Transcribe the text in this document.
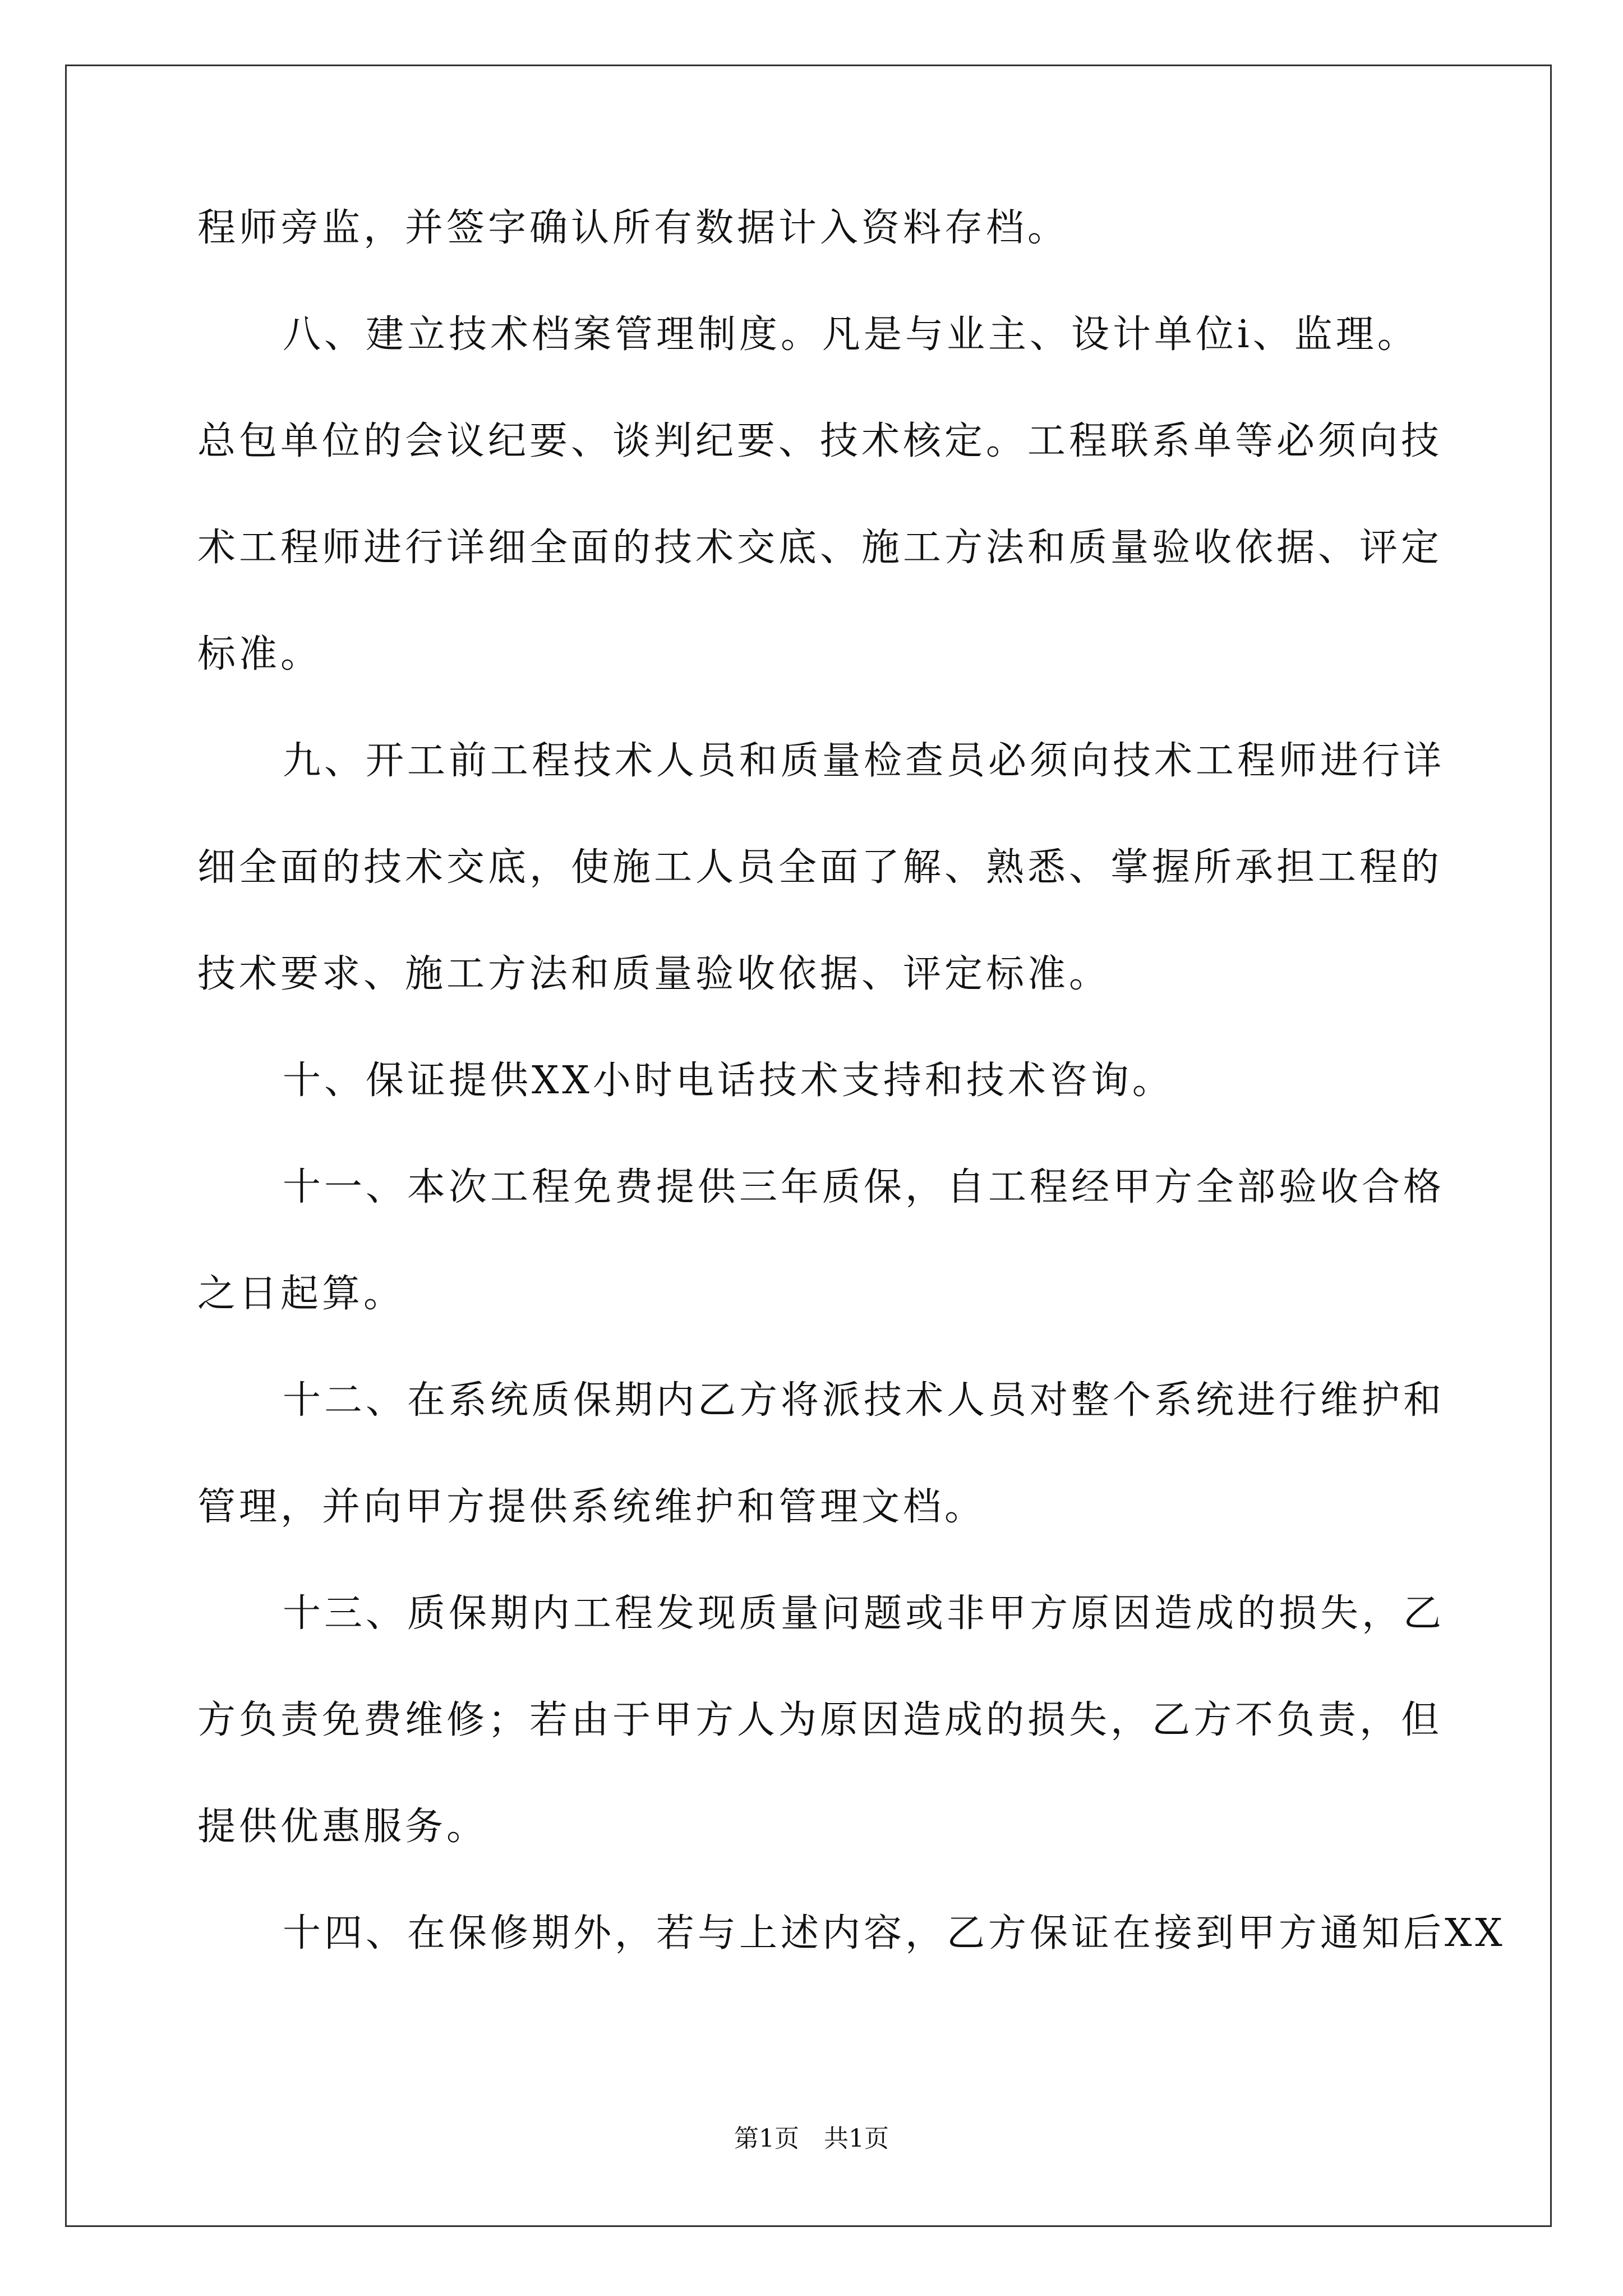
程师旁监，并签字确认所有数据计入资料存档。
八、建立技术档案管理制度。凡是与业主、设计单位i、监理。
总包单位的会议纪要、谈判纪要、技术核定。工程联系单等必须向技
术工程师进行详细全面的技术交底、施工方法和质量验收依据、评定
标准。
九、开工前工程技术人员和质量检查员必须向技术工程师进行详
细全面的技术交底，使施工人员全面了解、熟悉、掌握所承担工程的
技术要求、施工方法和质量验收依据、评定标准。
十、保证提供XX小时电话技术支持和技术咨询。
十一、本次工程免费提供三年质保，自工程经甲方全部验收合格
之日起算。
十二、在系统质保期内乙方将派技术人员对整个系统进行维护和
管理，并向甲方提供系统维护和管理文档。
十三、质保期内工程发现质量问题或非甲方原因造成的损失，乙
方负责免费维修；若由于甲方人为原因造成的损失，乙方不负责，但
提供优惠服务。
十四、在保修期外，若与上述内容，乙方保证在接到甲方通知后XX
第1页　共1页
